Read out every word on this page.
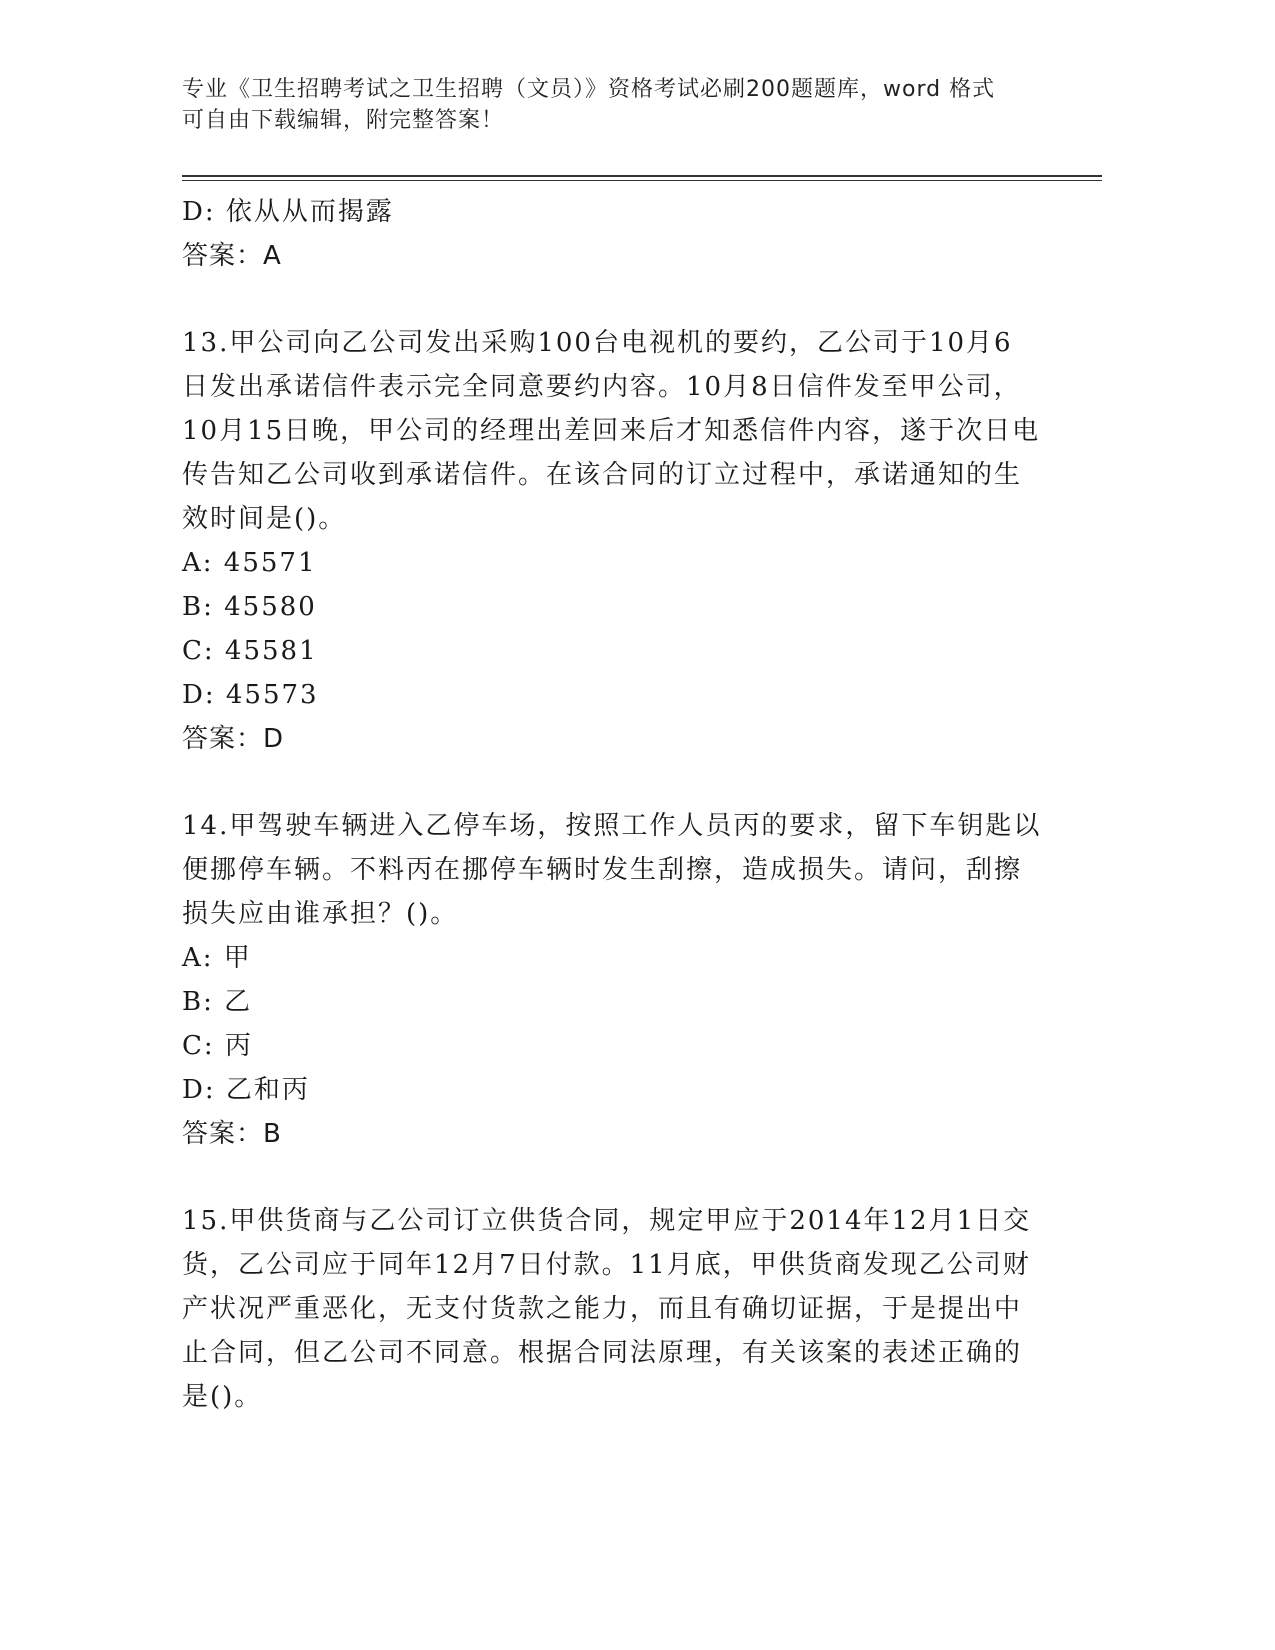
专业《卫生招聘考试之卫生招聘（文员）》资格考试必刷200题题库，word 格式
可自由下载编辑，附完整答案！
D: 依从从而揭露
答案：A
13.甲公司向乙公司发出采购100台电视机的要约，乙公司于10月6
日发出承诺信件表示完全同意要约内容。10月8日信件发至甲公司，
10月15日晚，甲公司的经理出差回来后才知悉信件内容，遂于次日电
传告知乙公司收到承诺信件。在该合同的订立过程中，承诺通知的生
效时间是()。
A: 45571
B: 45580
C: 45581
D: 45573
答案：D
14.甲驾驶车辆进入乙停车场，按照工作人员丙的要求，留下车钥匙以
便挪停车辆。不料丙在挪停车辆时发生刮擦，造成损失。请问，刮擦
损失应由谁承担？()。
A: 甲
B: 乙
C: 丙
D: 乙和丙
答案：B
15.甲供货商与乙公司订立供货合同，规定甲应于2014年12月1日交
货，乙公司应于同年12月7日付款。11月底，甲供货商发现乙公司财
产状况严重恶化，无支付货款之能力，而且有确切证据，于是提出中
止合同，但乙公司不同意。根据合同法原理，有关该案的表述正确的
是()。
